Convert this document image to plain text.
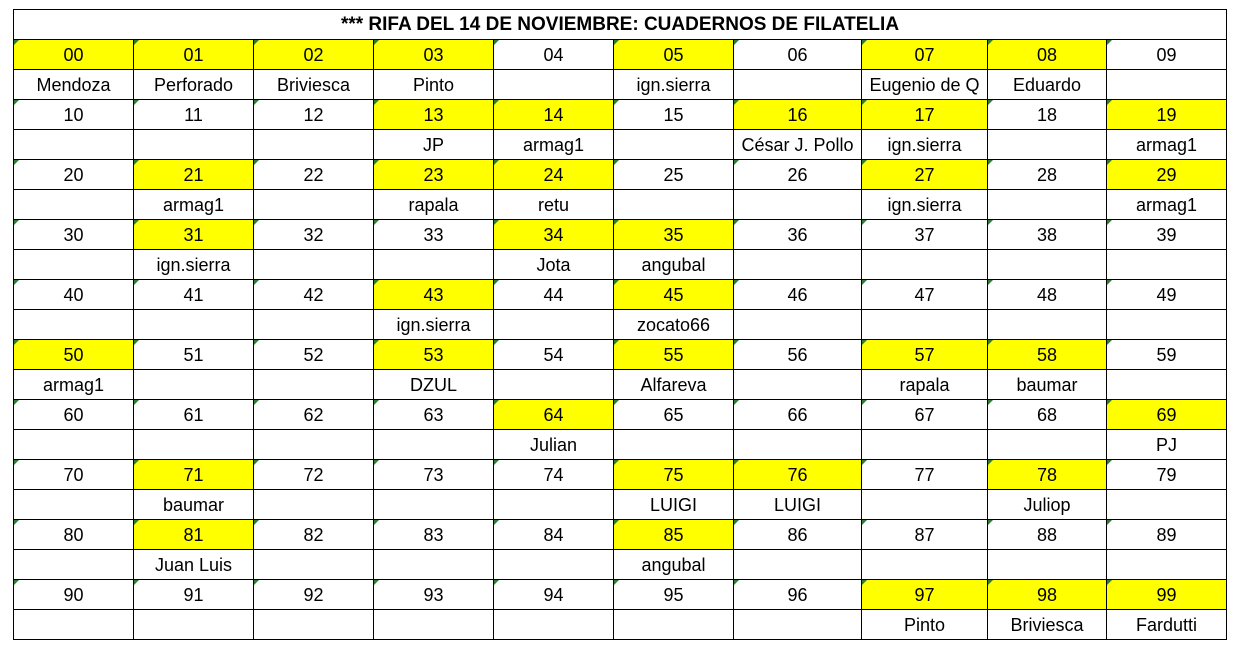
*** RIFA DEL 14 DE NOVIEMBRE: CUADERNOS DE FILATELIA									
00	01	02	03	04	05	06	07	08	09
Mendoza	Perforado	Briviesca	Pinto		ign.sierra		Eugenio de Q	Eduardo	
10	11	12	13	14	15	16	17	18	19
			JP	armag1		César J. Pollo	ign.sierra		armag1
20	21	22	23	24	25	26	27	28	29
	armag1		rapala	retu			ign.sierra		armag1
30	31	32	33	34	35	36	37	38	39
	ign.sierra			Jota	angubal				
40	41	42	43	44	45	46	47	48	49
			ign.sierra		zocato66				
50	51	52	53	54	55	56	57	58	59
armag1			DZUL		Alfareva		rapala	baumar	
60	61	62	63	64	65	66	67	68	69
				Julian					PJ
70	71	72	73	74	75	76	77	78	79
	baumar				LUIGI	LUIGI		Juliop	
80	81	82	83	84	85	86	87	88	89
	Juan Luis				angubal				
90	91	92	93	94	95	96	97	98	99
							Pinto	Briviesca	Fardutti
